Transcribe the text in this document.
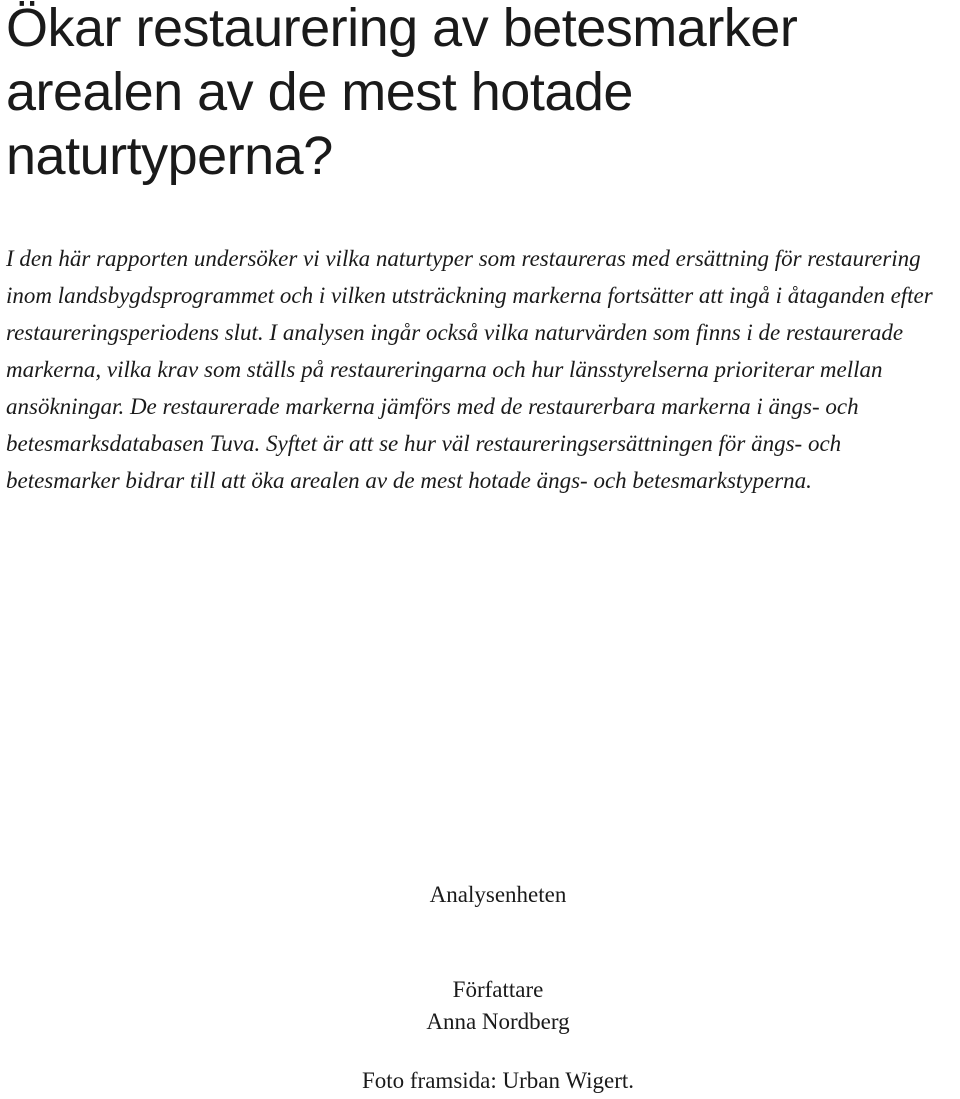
Ökar restaurering av betesmarker arealen av de mest hotade naturtyperna?

I den här rapporten undersöker vi vilka naturtyper som restaureras med ersättning för restaurering inom landsbygdsprogrammet och i vilken utsträckning markerna fortsätter att ingå i åtaganden efter restaureringsperiodens slut. I analysen ingår också vilka naturvärden som finns i de restaurerade markerna, vilka krav som ställs på restaureringarna och hur länsstyrelserna prioriterar mellan ansökningar. De restaurerade markerna jämförs med de restaurerbara markerna i ängs- och betesmarksdatabasen Tuva. Syftet är att se hur väl restaureringsersättningen för ängs- och betesmarker bidrar till att öka arealen av de mest hotade ängs- och betesmarkstyperna.

Analysenheten

Författare

Anna Nordberg

Foto framsida: Urban Wigert.
